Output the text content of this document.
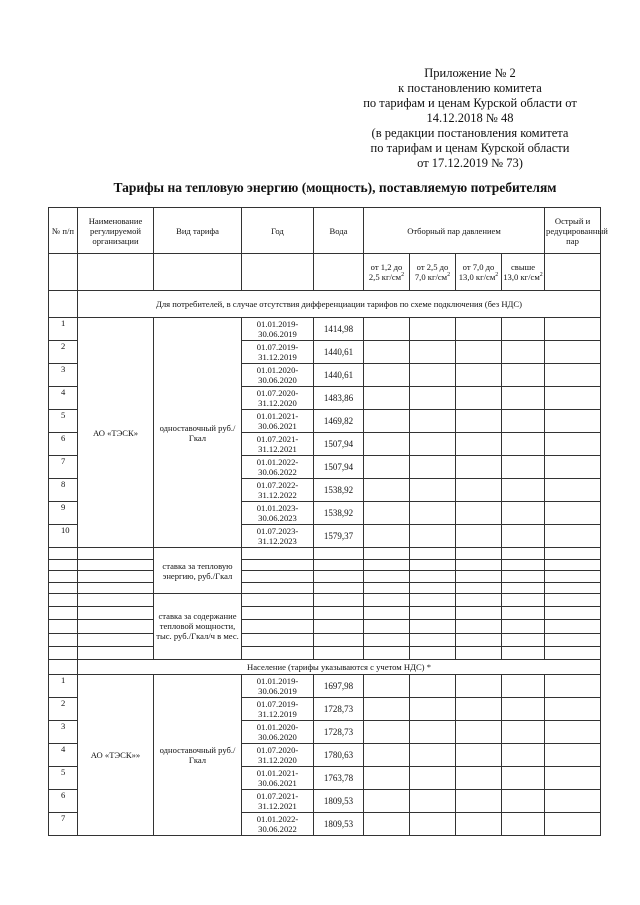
Приложение № 2
к постановлению комитета
по тарифам и ценам Курской области от
14.12.2018 № 48
(в редакции постановления комитета
по тарифам и ценам Курской области
от 17.12.2019 № 73)
Тарифы на тепловую энергию (мощность), поставляемую потребителям
№ п/п	Наименование регулируемой организации	Вид тарифа	Год	Вода	Отборный пар давлением				Острый и редуцированный пар
					от 1,2 до 2,5 $кг/см^2$	от 2,5 до 7,0 $кг/см^2$	от 7,0 до 13,0 $кг/см^2$	свыше 13,0 $кг/см^2$	
	Для потребителей, в случае отсутствия дифференциации тарифов по схеме подключения (без НДС)								
1	АО «ТЭСК»	одноставочный руб./Гкал	01.01.2019-30.06.2019	1414,98					
2			01.07.2019-31.12.2019	1440,61					
3			01.01.2020-30.06.2020	1440,61					
4			01.07.2020-31.12.2020	1483,86					
5			01.01.2021-30.06.2021	1469,82					
6			01.07.2021-31.12.2021	1507,94					
7			01.01.2022-30.06.2022	1507,94					
8			01.07.2022-31.12.2022	1538,92					
9			01.01.2023-30.06.2023	1538,92					
10			01.07.2023-31.12.2023	1579,37					
		ставка за тепловую энергию, руб./Гкал							

		ставка за содержание тепловой мощности, тыс. руб./Гкал/ч в мес.							

	Население (тарифы указываются с учетом НДС) *								
1	АО «ТЭСК»»	одноставочный руб./Гкал	01.01.2019-30.06.2019	1697,98					
2			01.07.2019-31.12.2019	1728,73					
3			01.01.2020-30.06.2020	1728,73					
4			01.07.2020-31.12.2020	1780,63					
5			01.01.2021-30.06.2021	1763,78					
6			01.07.2021-31.12.2021	1809,53					
7			01.01.2022-30.06.2022	1809,53					
